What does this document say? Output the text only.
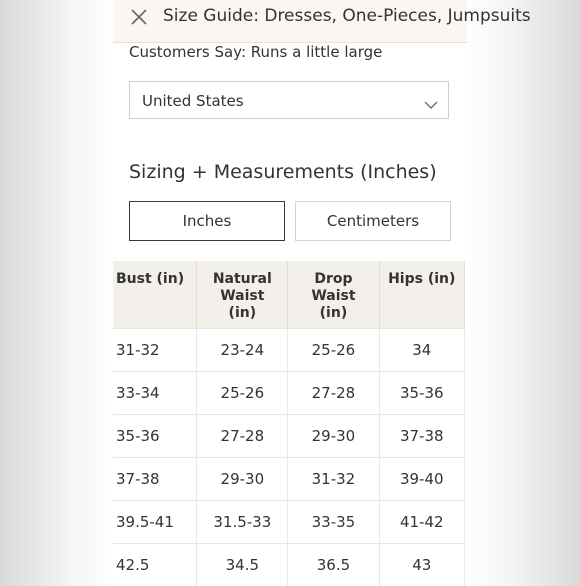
Size Guide: Dresses, One-Pieces, Jumpsuits
Customers Say: Runs a little large
United States
Sizing + Measurements (Inches)
Inches	Centimeters
Bust (in)	Natural Waist (in)	Drop Waist (in)	Hips (in)
31-32	23-24	25-26	34
33-34	25-26	27-28	35-36
35-36	27-28	29-30	37-38
37-38	29-30	31-32	39-40
39.5-41	31.5-33	33-35	41-42
42.5	34.5	36.5	43
